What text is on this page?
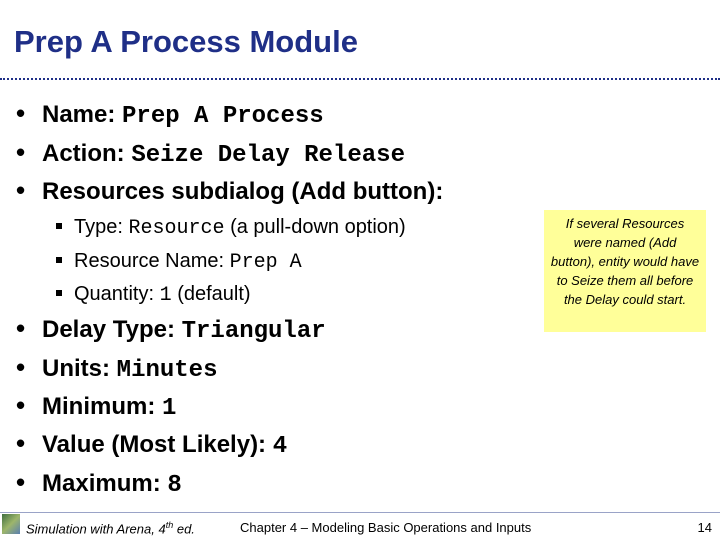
Prep A Process Module
• Name: Prep A Process
• Action: Seize Delay Release
• Resources subdialog (Add button):
Type: Resource (a pull-down option)
Resource Name: Prep A
Quantity: 1 (default)
• Delay Type: Triangular
• Units: Minutes
• Minimum: 1
• Value (Most Likely): 4
• Maximum: 8
If several Resources were named (Add button), entity would have to Seize them all before the Delay could start.
Simulation with Arena, 4th ed.	Chapter 4 – Modeling Basic Operations and Inputs	14
